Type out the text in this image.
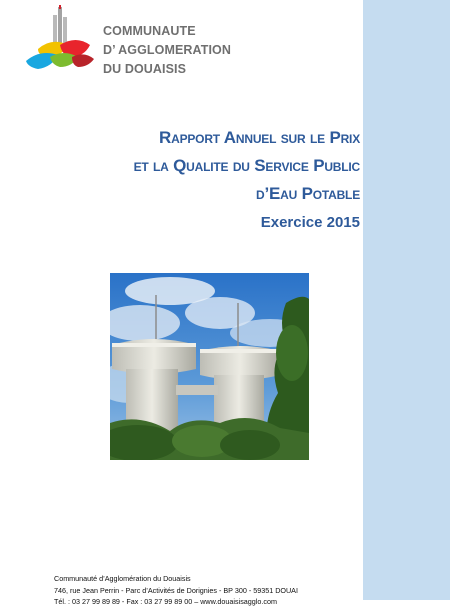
COMMUNAUTE
D’ AGGLOMERATION
DU DOUAISIS
Rapport Annuel sur le Prix
et la Qualite du Service Public
d’Eau Potable
Exercice 2015
Communauté d’Agglomération du Douaisis
746, rue Jean Perrin - Parc d’Activités de Dorignies - BP 300 - 59351 DOUAI
Tél. : 03 27 99 89 89 - Fax : 03 27 99 89 00 – www.douaisisagglo.com
